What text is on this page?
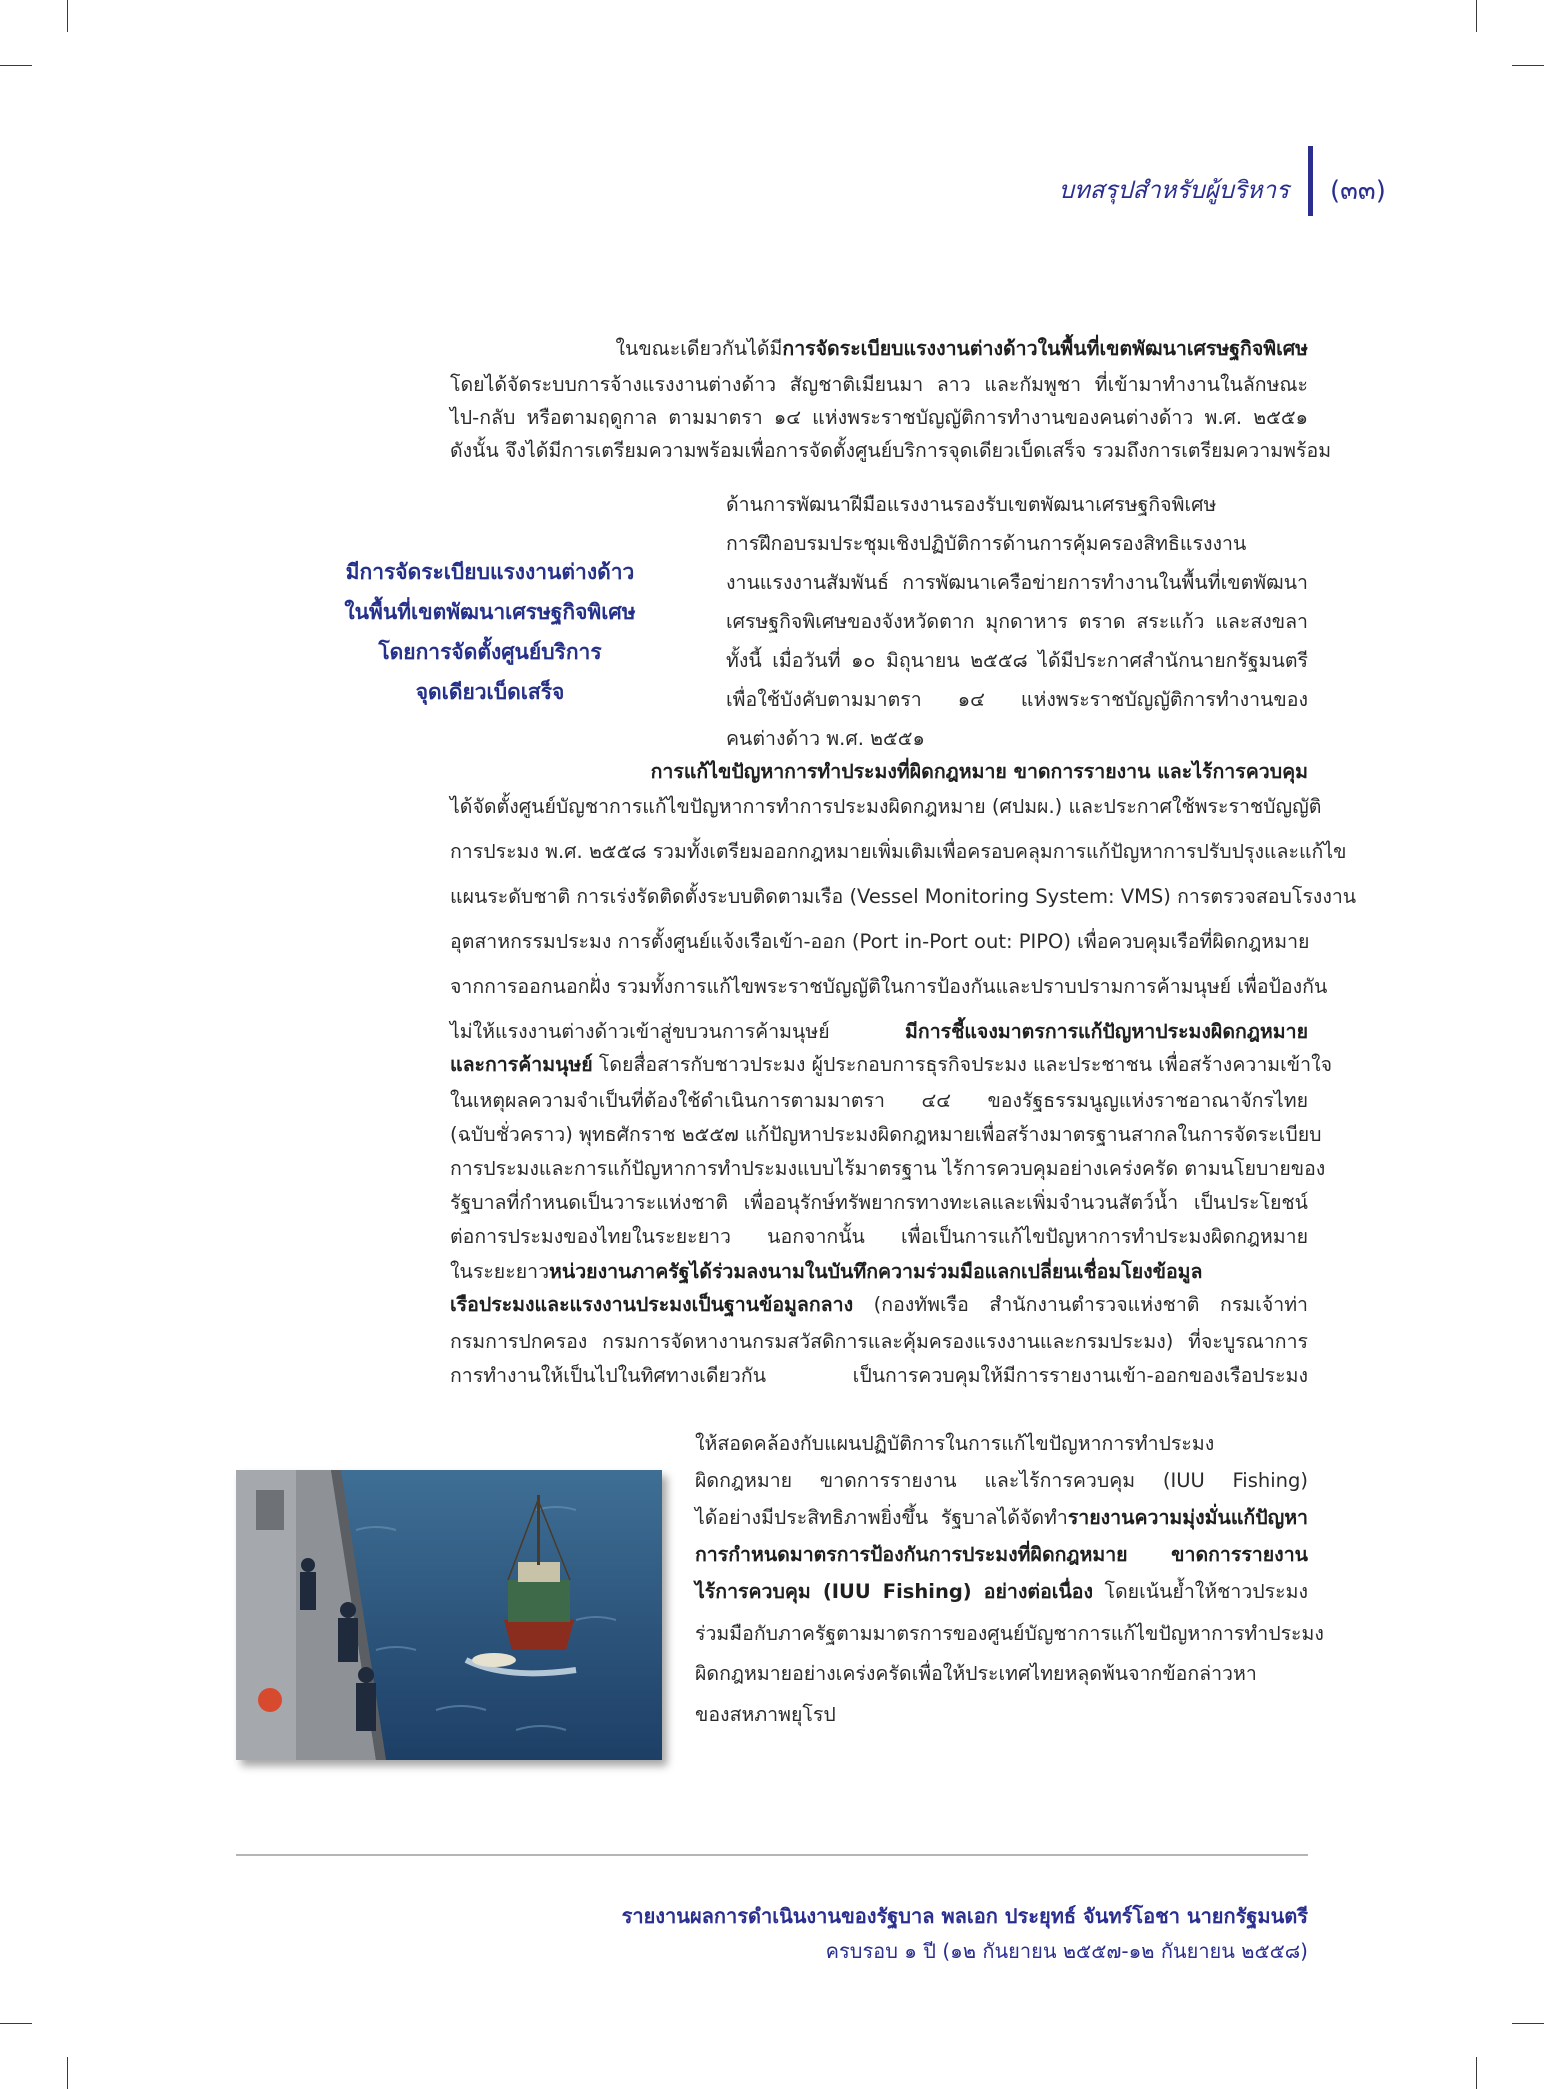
บทสรุปสำหรับผู้บริหาร (๓๓)
ในขณะเดียวกันได้มีการจัดระเบียบแรงงานต่างด้าวในพื้นที่เขตพัฒนาเศรษฐกิจพิเศษ
โดยได้จัดระบบการจ้างแรงงานต่างด้าว สัญชาติเมียนมา ลาว และกัมพูชา ที่เข้ามาทำงานในลักษณะ
ไป-กลับ หรือตามฤดูกาล ตามมาตรา ๑๔ แห่งพระราชบัญญัติการทำงานของคนต่างด้าว พ.ศ. ๒๕๕๑
ดังนั้น จึงได้มีการเตรียมความพร้อมเพื่อการจัดตั้งศูนย์บริการจุดเดียวเบ็ดเสร็จ รวมถึงการเตรียมความพร้อม
ด้านการพัฒนาฝีมือแรงงานรองรับเขตพัฒนาเศรษฐกิจพิเศษ
การฝึกอบรมประชุมเชิงปฏิบัติการด้านการคุ้มครองสิทธิแรงงาน
งานแรงงานสัมพันธ์ การพัฒนาเครือข่ายการทำงานในพื้นที่เขตพัฒนา
เศรษฐกิจพิเศษของจังหวัดตาก มุกดาหาร ตราด สระแก้ว และสงขลา
ทั้งนี้ เมื่อวันที่ ๑๐ มิถุนายน ๒๕๕๘ ได้มีประกาศสำนักนายกรัฐมนตรี
เพื่อใช้บังคับตามมาตรา ๑๔ แห่งพระราชบัญญัติการทำงานของ
คนต่างด้าว พ.ศ. ๒๕๕๑
มีการจัดระเบียบแรงงานต่างด้าว
ในพื้นที่เขตพัฒนาเศรษฐกิจพิเศษ
โดยการจัดตั้งศูนย์บริการ
จุดเดียวเบ็ดเสร็จ
การแก้ไขปัญหาการทำประมงที่ผิดกฎหมาย ขาดการรายงาน และไร้การควบคุม
ได้จัดตั้งศูนย์บัญชาการแก้ไขปัญหาการทำการประมงผิดกฎหมาย (ศปมผ.) และประกาศใช้พระราชบัญญัติ
การประมง พ.ศ. ๒๕๕๘ รวมทั้งเตรียมออกกฎหมายเพิ่มเติมเพื่อครอบคลุมการแก้ปัญหาการปรับปรุงและแก้ไข
แผนระดับชาติ การเร่งรัดติดตั้งระบบติดตามเรือ (Vessel Monitoring System: VMS) การตรวจสอบโรงงาน
อุตสาหกรรมประมง การตั้งศูนย์แจ้งเรือเข้า-ออก (Port in-Port out: PIPO) เพื่อควบคุมเรือที่ผิดกฎหมาย
จากการออกนอกฝั่ง รวมทั้งการแก้ไขพระราชบัญญัติในการป้องกันและปราบปรามการค้ามนุษย์ เพื่อป้องกัน
ไม่ให้แรงงานต่างด้าวเข้าสู่ขบวนการค้ามนุษย์ มีการชี้แจงมาตรการแก้ปัญหาประมงผิดกฎหมาย
และการค้ามนุษย์ โดยสื่อสารกับชาวประมง ผู้ประกอบการธุรกิจประมง และประชาชน เพื่อสร้างความเข้าใจ
ในเหตุผลความจำเป็นที่ต้องใช้ดำเนินการตามมาตรา ๔๔ ของรัฐธรรมนูญแห่งราชอาณาจักรไทย
(ฉบับชั่วคราว) พุทธศักราช ๒๕๕๗ แก้ปัญหาประมงผิดกฎหมายเพื่อสร้างมาตรฐานสากลในการจัดระเบียบ
การประมงและการแก้ปัญหาการทำประมงแบบไร้มาตรฐาน ไร้การควบคุมอย่างเคร่งครัด ตามนโยบายของ
รัฐบาลที่กำหนดเป็นวาระแห่งชาติ เพื่ออนุรักษ์ทรัพยากรทางทะเลและเพิ่มจำนวนสัตว์น้ำ เป็นประโยชน์
ต่อการประมงของไทยในระยะยาว นอกจากนั้น เพื่อเป็นการแก้ไขปัญหาการทำประมงผิดกฎหมาย
ในระยะยาวหน่วยงานภาครัฐได้ร่วมลงนามในบันทึกความร่วมมือแลกเปลี่ยนเชื่อมโยงข้อมูล
เรือประมงและแรงงานประมงเป็นฐานข้อมูลกลาง (กองทัพเรือ สำนักงานตำรวจแห่งชาติ กรมเจ้าท่า
กรมการปกครอง กรมการจัดหางานกรมสวัสดิการและคุ้มครองแรงงานและกรมประมง) ที่จะบูรณาการ
การทำงานให้เป็นไปในทิศทางเดียวกัน เป็นการควบคุมให้มีการรายงานเข้า-ออกของเรือประมง
ให้สอดคล้องกับแผนปฏิบัติการในการแก้ไขปัญหาการทำประมง
ผิดกฎหมาย ขาดการรายงาน และไร้การควบคุม (IUU Fishing)
ได้อย่างมีประสิทธิภาพยิ่งขึ้น รัฐบาลได้จัดทำรายงานความมุ่งมั่นแก้ปัญหา
การกำหนดมาตรการป้องกันการประมงที่ผิดกฎหมาย ขาดการรายงาน
ไร้การควบคุม (IUU Fishing) อย่างต่อเนื่อง โดยเน้นย้ำให้ชาวประมง
ร่วมมือกับภาครัฐตามมาตรการของศูนย์บัญชาการแก้ไขปัญหาการทำประมง
ผิดกฎหมายอย่างเคร่งครัดเพื่อให้ประเทศไทยหลุดพ้นจากข้อกล่าวหา
ของสหภาพยุโรป
รายงานผลการดำเนินงานของรัฐบาล พลเอก ประยุทธ์ จันทร์โอชา นายกรัฐมนตรี
ครบรอบ ๑ ปี (๑๒ กันยายน ๒๕๕๗-๑๒ กันยายน ๒๕๕๘)
